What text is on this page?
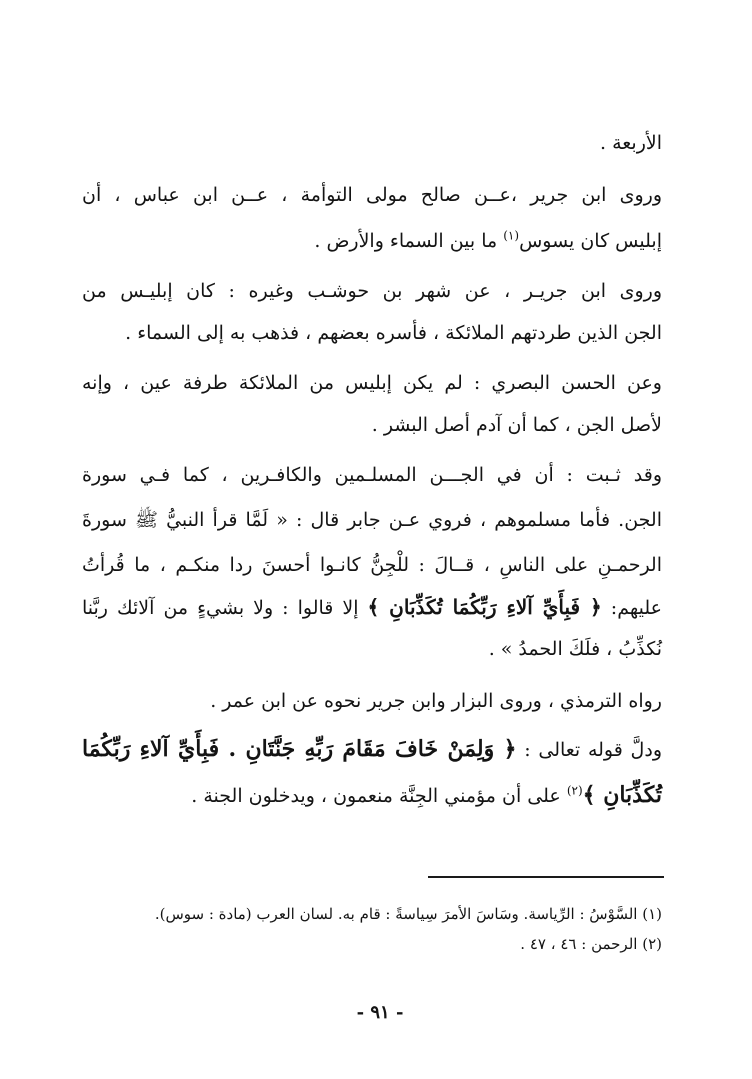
الأربعة .
وروى ابن جرير ،عــن صالح مولى التوأمة ، عــن ابن عباس ، أن
إبليس كان يسوس$^{(١)}$ ما بين السماء والأرض .
وروى ابن جريـر ، عن شهر بن حوشـب وغيره : كان إبليـس من
الجن الذين طردتهم الملائكة ، فأسره بعضهم ، فذهب به إلى السماء .
وعن الحسن البصري : لم يكن إبليس من الملائكة طرفة عين ، وإنه
لأصل الجن ، كما أن آدم أصل البشر .
وقد ثـبت : أن في الجـــن المسلـمين والكافـرين ، كما فـي سورة
الجن. فأما مسلموهم ، فروي عـن جابر قال : « لَمَّا قرأ النبيُّ ﷺ سورةَ
الرحمـنِ على الناسِ ، قــالَ : للْجِنُّ كانـوا أحسنَ ردا منكـم ، ما قُرأتُ
عليهم: ﴿ فَبِأَيِّ آلاءِ رَبِّكُمَا تُكَذِّبَانِ ﴾ إلا قالوا : ولا بشيءٍ من آلائك ربَّنا
نُكذِّبُ ، فلَكَ الحمدُ » .
رواه الترمذي ، وروى البزار وابن جرير نحوه عن ابن عمر .
ودلَّ قوله تعالى : ﴿ وَلِمَنْ خَافَ مَقَامَ رَبِّهِ جَنَّتَانِ . فَبِأَيِّ آلاءِ رَبِّكُمَا
تُكَذِّبَانِ ﴾$^{(٢)}$ على أن مؤمني الجِنَّة منعمون ، ويدخلون الجنة .
(١) السَّوْسُ : الرِّياسة. وسَاسَ الأمرَ سِياسةً : قام به. لسان العرب (مادة : سوس).
(٢) الرحمن : ٤٦ ، ٤٧ .
- ٩١ -
